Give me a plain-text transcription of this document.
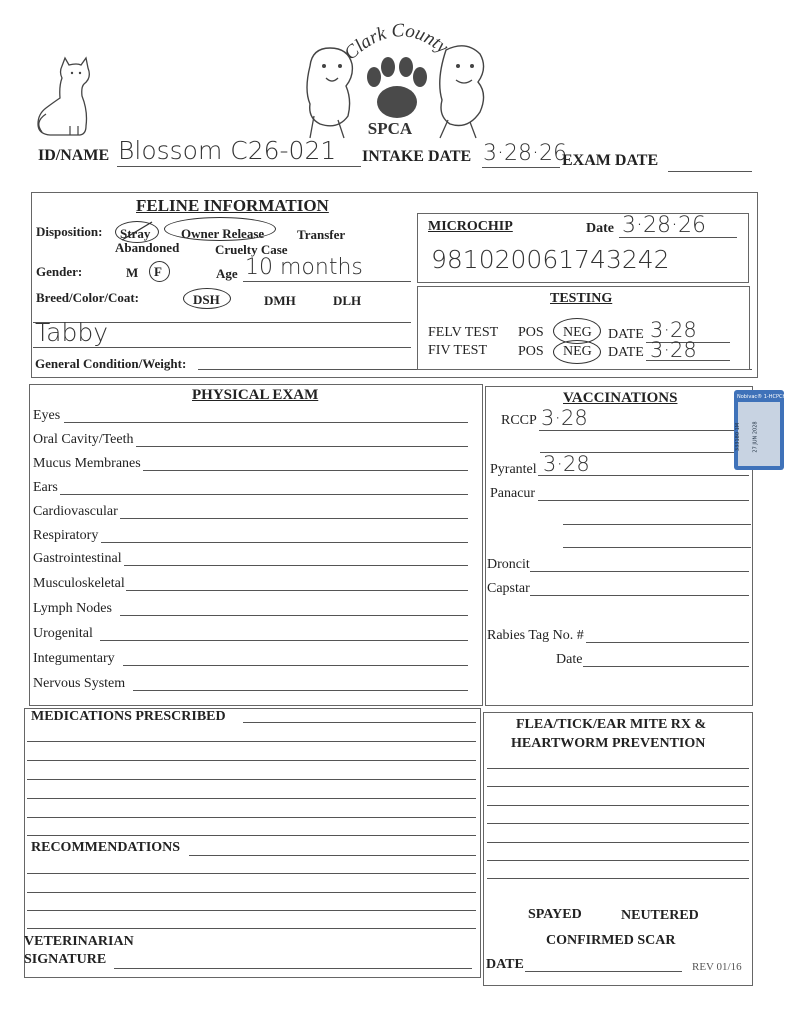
Clark County
SPCA
ID/NAME Blossom C26-021 INTAKE DATE 3·28·26
EXAM DATE
FELINE INFORMATION
Disposition: Stray Owner Release	Transfer
Abandoned	Cruelty Case
Gender:	M F	Age 10 months
Breed/Color/Coat:	DSH	DMH	DLH
Tabby
General Condition/Weight:
MICROCHIP	Date 3·28·26
981020061743242
TESTING
FELV TEST POS NEG DATE 3·28
FIV TEST POS NEG DATE 3·28
PHYSICAL EXAM
Eyes
Oral Cavity/Teeth
Mucus Membranes
Ears
Cardiovascular
Respiratory
Gastrointestinal
Musculoskeletal
Lymph Nodes
Urogenital
Integumentary
Nervous System
VACCINATIONS
RCCP 3·28
Pyrantel 3·28
Panacur
Droncit
Capstar
Rabies Tag No. #
Date
Nobivac® 1-HCPCh
333180 1M 27 JUN 2028
MEDICATIONS PRESCRIBED
RECOMMENDATIONS
VETERINARIAN
SIGNATURE
FLEA/TICK/EAR MITE RX &
HEARTWORM PREVENTION
SPAYED	NEUTERED
CONFIRMED SCAR
DATE	REV 01/16
